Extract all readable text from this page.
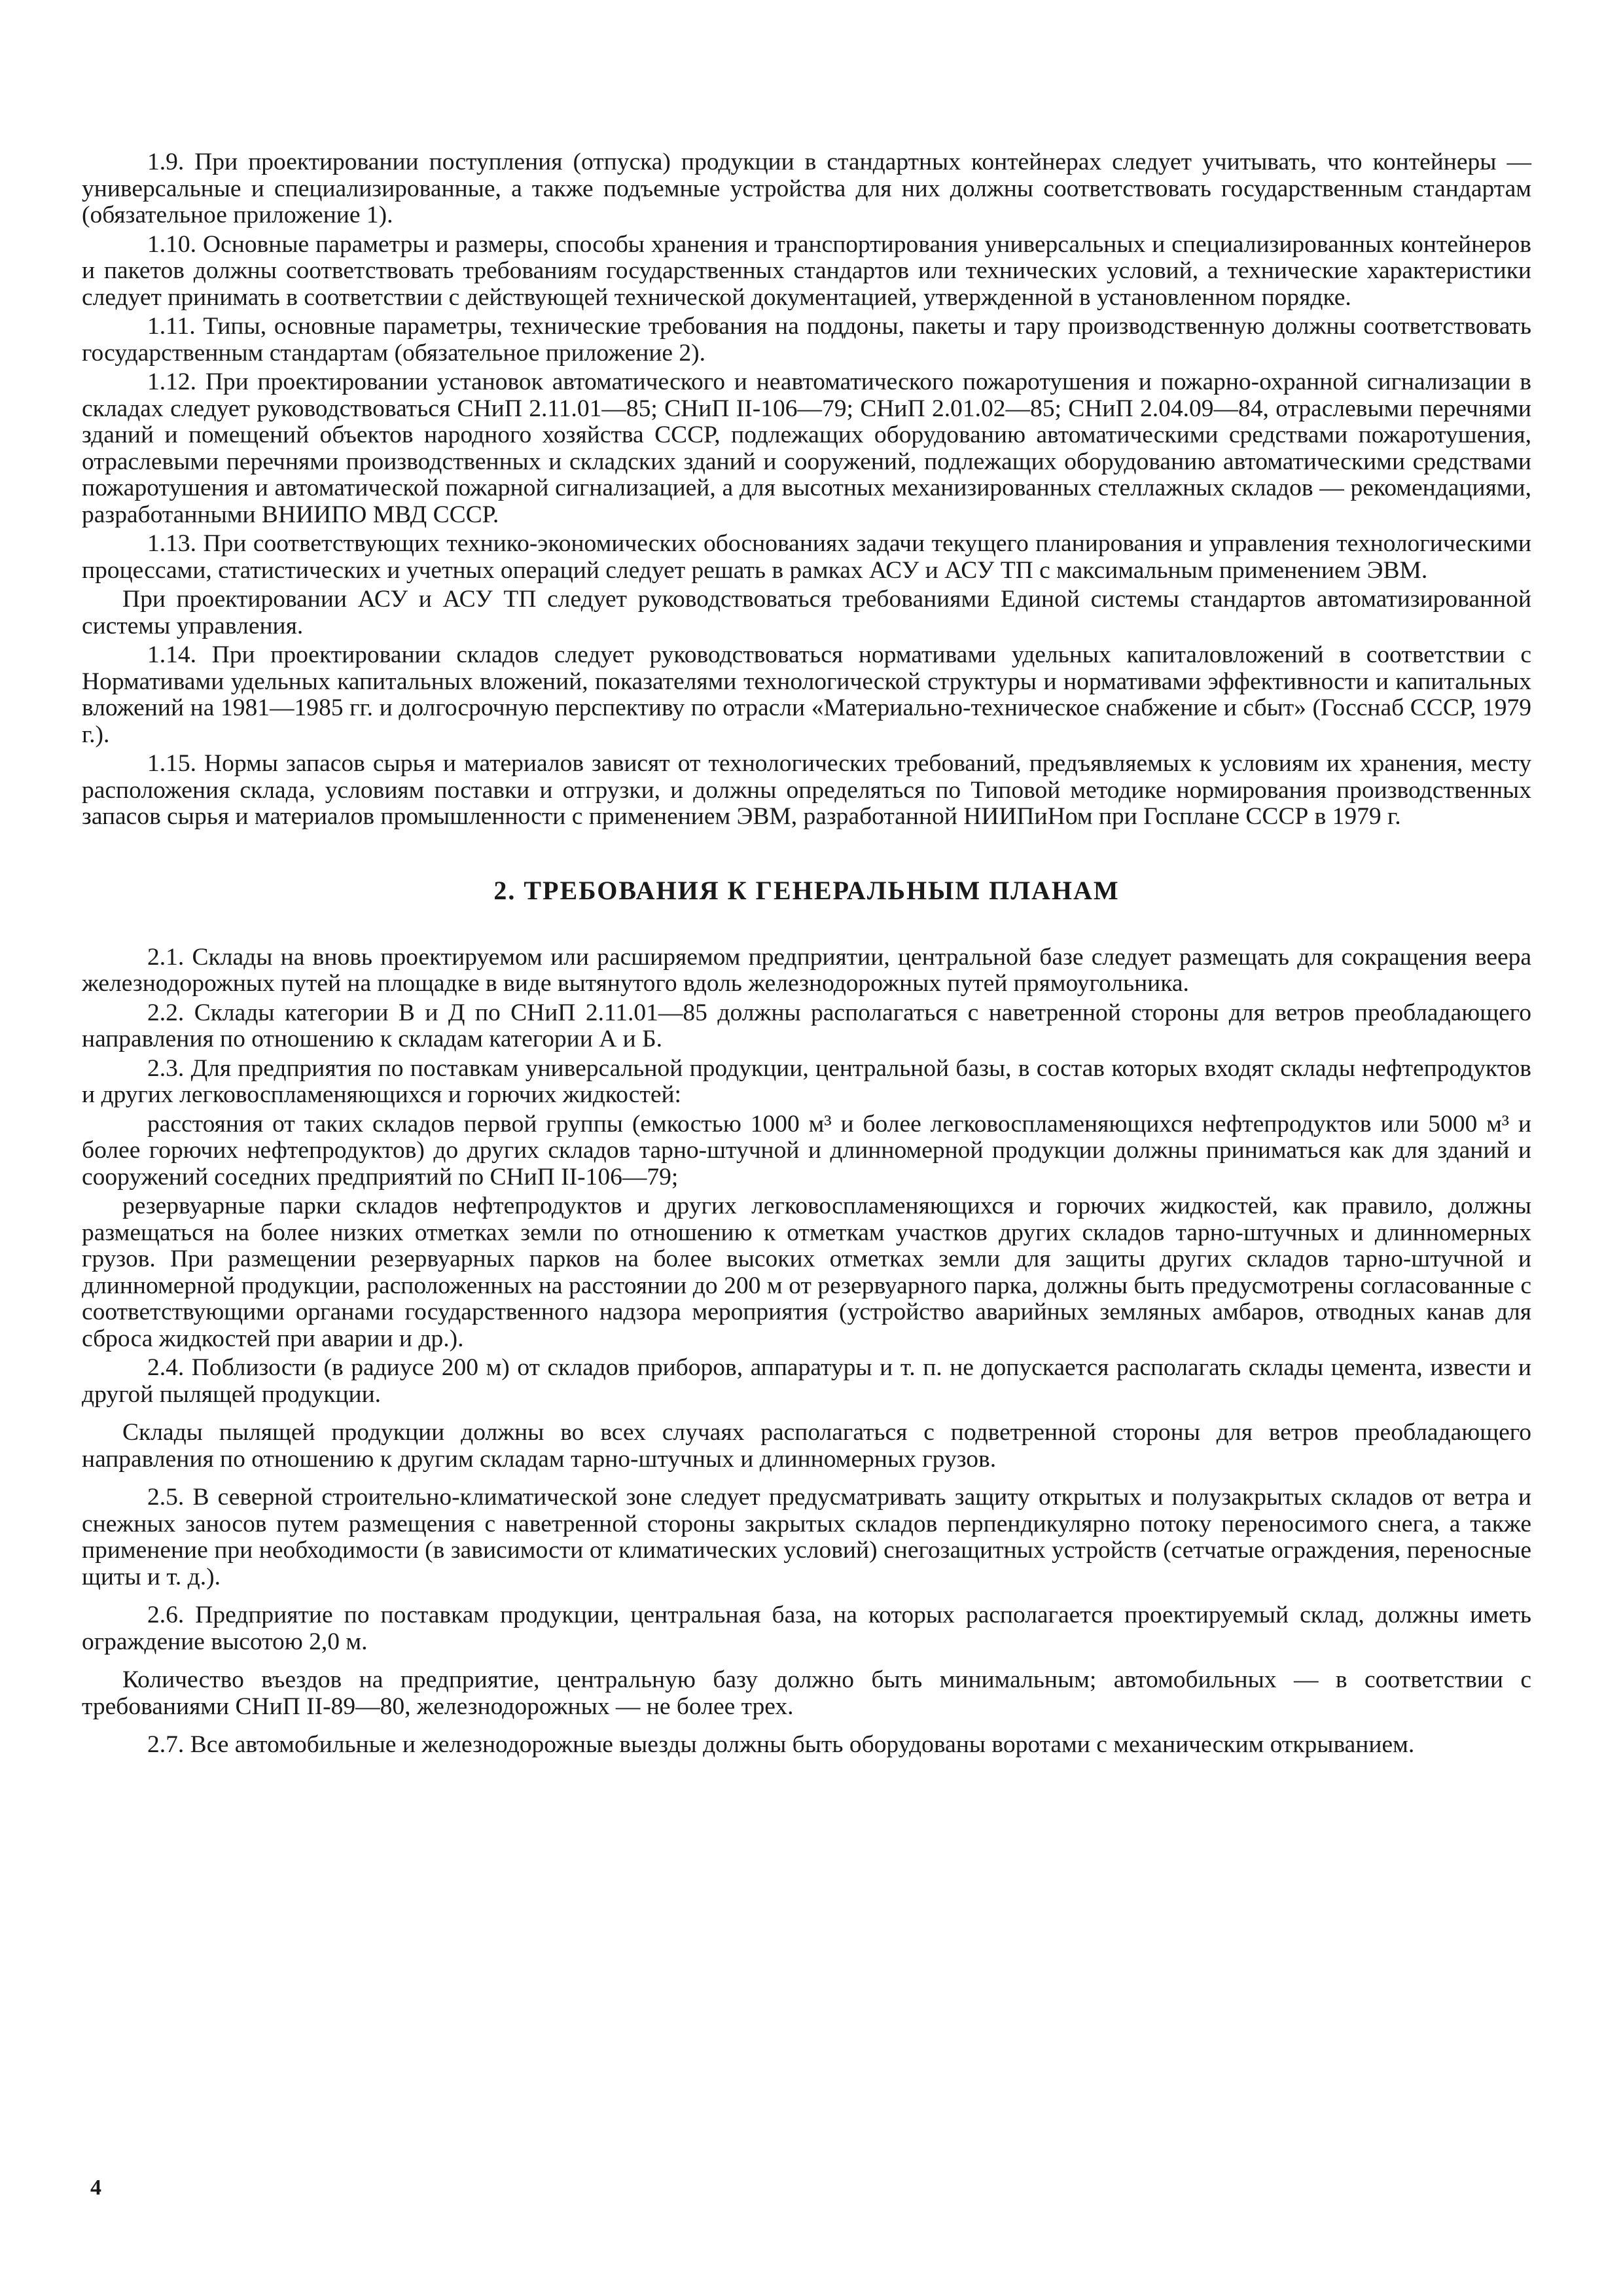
1.9. При проектировании поступления (отпуска) продукции в стандартных контейнерах следует учитывать, что контейнеры — универсальные и специализированные, а также подъемные устройства для них должны соответствовать государственным стандартам (обязательное приложение 1).

1.10. Основные параметры и размеры, способы хранения и транспортирования универсальных и специализированных контейнеров и пакетов должны соответствовать требованиям государственных стандартов или технических условий, а технические характеристики следует принимать в соответствии с действующей технической документацией, утвержденной в установленном порядке.

1.11. Типы, основные параметры, технические требования на поддоны, пакеты и тару производственную должны соответствовать государственным стандартам (обязательное приложение 2).

1.12. При проектировании установок автоматического и неавтоматического пожаротушения и пожарно-охранной сигнализации в складах следует руководствоваться СНиП 2.11.01—85; СНиП II-106—79; СНиП 2.01.02—85; СНиП 2.04.09—84, отраслевыми перечнями зданий и помещений объектов народного хозяйства СССР, подлежащих оборудованию автоматическими средствами пожаротушения, отраслевыми перечнями производственных и складских зданий и сооружений, подлежащих оборудованию автоматическими средствами пожаротушения и автоматической пожарной сигнализацией, а для высотных механизированных стеллажных складов — рекомендациями, разработанными ВНИИПО МВД СССР.

1.13. При соответствующих технико-экономических обоснованиях задачи текущего планирования и управления технологическими процессами, статистических и учетных операций следует решать в рамках АСУ и АСУ ТП с максимальным применением ЭВМ.

При проектировании АСУ и АСУ ТП следует руководствоваться требованиями Единой системы стандартов автоматизированной системы управления.

1.14. При проектировании складов следует руководствоваться нормативами удельных капиталовложений в соответствии с Нормативами удельных капитальных вложений, показателями технологической структуры и нормативами эффективности и капитальных вложений на 1981—1985 гг. и долгосрочную перспективу по отрасли «Материально-техническое снабжение и сбыт» (Госснаб СССР, 1979 г.).

1.15. Нормы запасов сырья и материалов зависят от технологических требований, предъявляемых к условиям их хранения, месту расположения склада, условиям поставки и отгрузки, и должны определяться по Типовой методике нормирования производственных запасов сырья и материалов промышленности с применением ЭВМ, разработанной НИИПиНом при Госплане СССР в 1979 г.

2. ТРЕБОВАНИЯ К ГЕНЕРАЛЬНЫМ ПЛАНАМ

2.1. Склады на вновь проектируемом или расширяемом предприятии, центральной базе следует размещать для сокращения веера железнодорожных путей на площадке в виде вытянутого вдоль железнодорожных путей прямоугольника.

2.2. Склады категории В и Д по СНиП 2.11.01—85 должны располагаться с наветренной стороны для ветров преобладающего направления по отношению к складам категории А и Б.

2.3. Для предприятия по поставкам универсальной продукции, центральной базы, в состав которых входят склады нефтепродуктов и других легковоспламеняющихся и горючих жидкостей:

расстояния от таких складов первой группы (емкостью 1000 м³ и более легковоспламеняющихся нефтепродуктов или 5000 м³ и более горючих нефтепродуктов) до других складов тарно-штучной и длинномерной продукции должны приниматься как для зданий и сооружений соседних предприятий по СНиП II-106—79;

резервуарные парки складов нефтепродуктов и других легковоспламеняющихся и горючих жидкостей, как правило, должны размещаться на более низких отметках земли по отношению к отметкам участков других складов тарно-штучных и длинномерных грузов. При размещении резервуарных парков на более высоких отметках земли для защиты других складов тарно-штучной и длинномерной продукции, расположенных на расстоянии до 200 м от резервуарного парка, должны быть предусмотрены согласованные с соответствующими органами государственного надзора мероприятия (устройство аварийных земляных амбаров, отводных канав для сброса жидкостей при аварии и др.).

2.4. Поблизости (в радиусе 200 м) от складов приборов, аппаратуры и т. п. не допускается располагать склады цемента, извести и другой пылящей продукции.

Склады пылящей продукции должны во всех случаях располагаться с подветренной стороны для ветров преобладающего направления по отношению к другим складам тарно-штучных и длинномерных грузов.

2.5. В северной строительно-климатической зоне следует предусматривать защиту открытых и полузакрытых складов от ветра и снежных заносов путем размещения с наветренной стороны закрытых складов перпендикулярно потоку переносимого снега, а также применение при необходимости (в зависимости от климатических условий) снегозащитных устройств (сетчатые ограждения, переносные щиты и т. д.).

2.6. Предприятие по поставкам продукции, центральная база, на которых располагается проектируемый склад, должны иметь ограждение высотою 2,0 м.

Количество въездов на предприятие, центральную базу должно быть минимальным; автомобильных — в соответствии с требованиями СНиП II-89—80, железнодорожных — не более трех.

2.7. Все автомобильные и железнодорожные выезды должны быть оборудованы воротами с механическим открыванием.

4
